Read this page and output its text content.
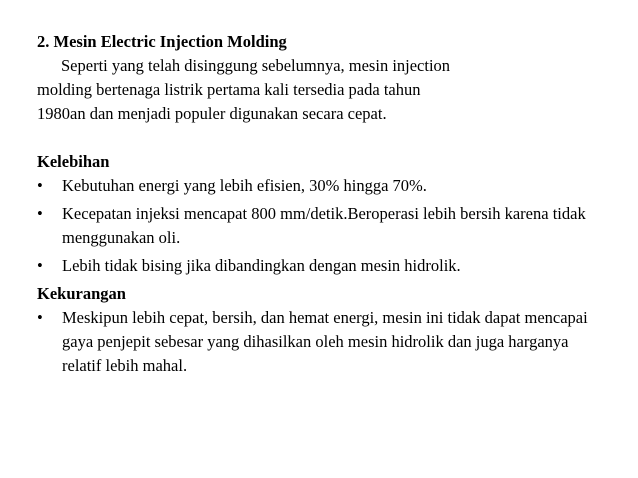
2. Mesin Electric Injection Molding

Seperti yang telah disinggung sebelumnya, mesin injection
molding bertenaga listrik pertama kali tersedia pada tahun
1980an dan menjadi populer digunakan secara cepat.

Kelebihan

•	Kebutuhan energi yang lebih efisien, 30% hingga 70%.
•	Kecepatan injeksi mencapat 800 mm/detik.Beroperasi lebih bersih karena tidak menggunakan oli.
•	Lebih tidak bising jika dibandingkan dengan mesin hidrolik.

Kekurangan

•	Meskipun lebih cepat, bersih, dan hemat energi, mesin ini tidak dapat mencapai gaya penjepit sebesar yang dihasilkan oleh mesin hidrolik dan juga harganya relatif lebih mahal.
